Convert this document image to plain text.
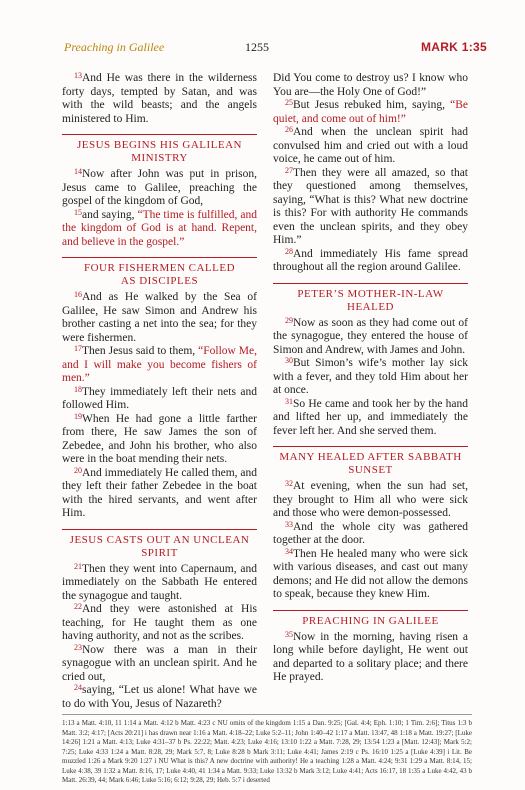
Preaching in Galilee	1255	MARK 1:35

$^{13}$And He was there in the wilderness forty days, tempted by Satan, and was with the wild beasts; and the angels ministered to Him.

JESUS BEGINS HIS GALILEAN
MINISTRY

$^{14}$Now after John was put in prison, Jesus came to Galilee, preaching the gospel of the kingdom of God,

$^{15}$and saying, “The time is fulfilled, and the kingdom of God is at hand. Repent, and believe in the gospel.”

FOUR FISHERMEN CALLED
AS DISCIPLES

$^{16}$And as He walked by the Sea of Galilee, He saw Simon and Andrew his brother casting a net into the sea; for they were fishermen.

$^{17}$Then Jesus said to them, “Follow Me, and I will make you become fishers of men.”

$^{18}$They immediately left their nets and followed Him.

$^{19}$When He had gone a little farther from there, He saw James the son of Zebedee, and John his brother, who also were in the boat mending their nets.

$^{20}$And immediately He called them, and they left their father Zebedee in the boat with the hired servants, and went after Him.

JESUS CASTS OUT AN UNCLEAN
SPIRIT

$^{21}$Then they went into Capernaum, and immediately on the Sabbath He entered the synagogue and taught.

$^{22}$And they were astonished at His teaching, for He taught them as one having authority, and not as the scribes.

$^{23}$Now there was a man in their synagogue with an unclean spirit. And he cried out,

$^{24}$saying, “Let us alone! What have we to do with You, Jesus of Nazareth?

Did You come to destroy us? I know who You are—the Holy One of God!”

$^{25}$But Jesus rebuked him, saying, “Be quiet, and come out of him!”

$^{26}$And when the unclean spirit had convulsed him and cried out with a loud voice, he came out of him.

$^{27}$Then they were all amazed, so that they questioned among themselves, saying, “What is this? What new doctrine is this? For with authority He commands even the unclean spirits, and they obey Him.”

$^{28}$And immediately His fame spread throughout all the region around Galilee.

PETER’S MOTHER-IN-LAW
HEALED

$^{29}$Now as soon as they had come out of the synagogue, they entered the house of Simon and Andrew, with James and John.

$^{30}$But Simon’s wife’s mother lay sick with a fever, and they told Him about her at once.

$^{31}$So He came and took her by the hand and lifted her up, and immediately the fever left her. And she served them.

MANY HEALED AFTER SABBATH
SUNSET

$^{32}$At evening, when the sun had set, they brought to Him all who were sick and those who were demon-possessed.

$^{33}$And the whole city was gathered together at the door.

$^{34}$Then He healed many who were sick with various diseases, and cast out many demons; and He did not allow the demons to speak, because they knew Him.

PREACHING IN GALILEE

$^{35}$Now in the morning, having risen a long while before daylight, He went out and departed to a solitary place; and there He prayed.

1:13 a Matt. 4:10, 11 1:14 a Matt. 4:12 b Matt. 4:23 c NU omits of the kingdom 1:15 a Dan. 9:25; [Gal. 4:4; Eph. 1:10; 1 Tim. 2:6]; Titus 1:3 b Matt. 3:2; 4:17; [Acts 20:21] i has drawn near 1:16 a Matt. 4:18–22; Luke 5:2–11; John 1:40–42 1:17 a Matt. 13:47, 48 1:18 a Matt. 19:27; [Luke 14:26] 1:21 a Matt. 4:13; Luke 4:31–37 b Ps. 22:22; Matt. 4:23; Luke 4:16; 13:10 1:22 a Matt. 7:28, 29; 13:54 1:23 a [Matt. 12:43]; Mark 5:2; 7:25; Luke 4:33 1:24 a Matt. 8:28, 29; Mark 5:7, 8; Luke 8:28 b Mark 3:11; Luke 4:41; James 2:19 c Ps. 16:10 1:25 a [Luke 4:39] i Lit. Be muzzled 1:26 a Mark 9:20 1:27 i NU What is this? A new doctrine with authority! He a teaching 1:28 a Matt. 4:24; 9:31 1:29 a Matt. 8:14, 15; Luke 4:38, 39 1:32 a Matt. 8:16, 17; Luke 4:40, 41 1:34 a Matt. 9:33; Luke 13:32 b Mark 3:12; Luke 4:41; Acts 16:17, 18 1:35 a Luke 4:42, 43 b Matt. 26:39, 44; Mark 6:46; Luke 5:16; 6:12; 9:28, 29; Heb. 5:7 i deserted
